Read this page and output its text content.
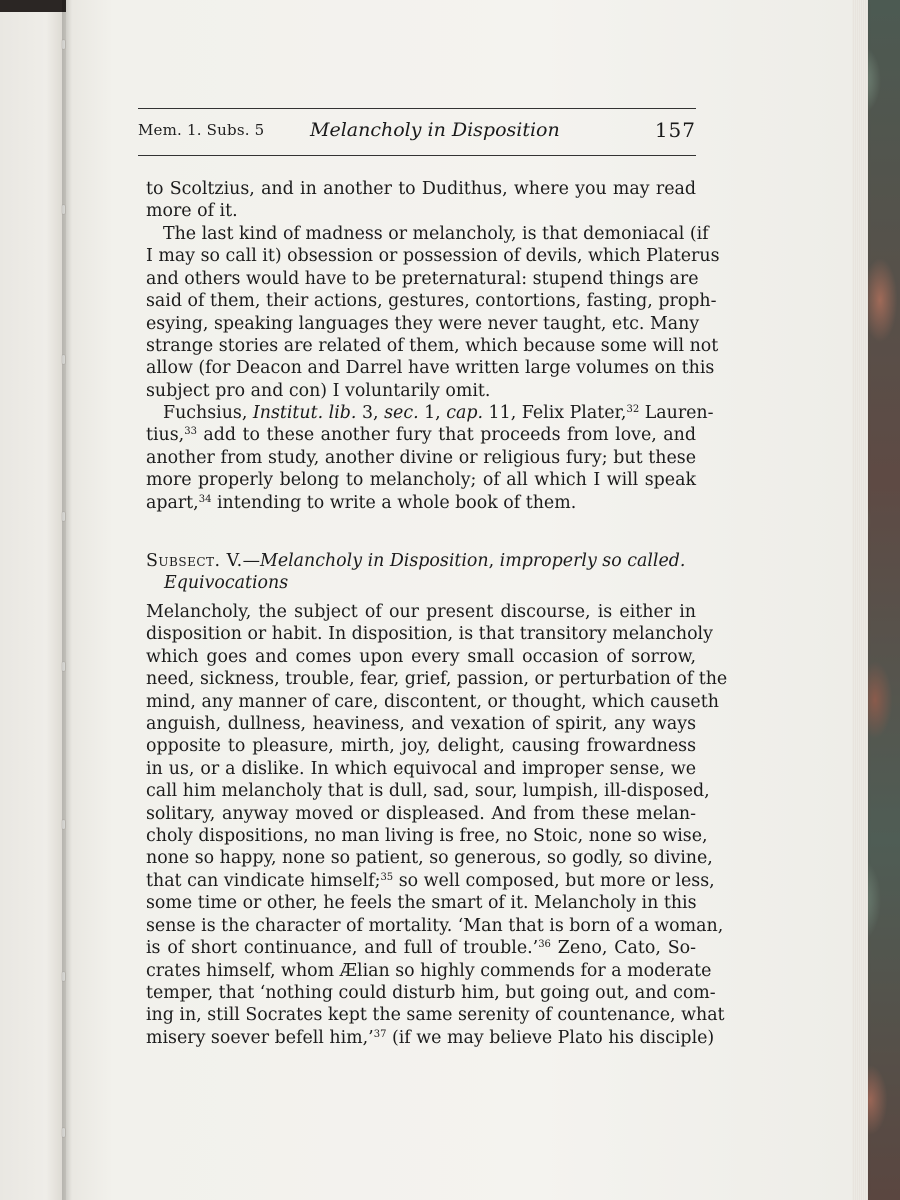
Mem. 1. Subs. 5 Melancholy in Disposition	157
to Scoltzius, and in another to Dudithus, where you may read
more of it.
The last kind of madness or melancholy, is that demoniacal (if
I may so call it) obsession or possession of devils, which Platerus
and others would have to be preternatural: stupend things are
said of them, their actions, gestures, contortions, fasting, proph-
esying, speaking languages they were never taught, etc. Many
strange stories are related of them, which because some will not
allow (for Deacon and Darrel have written large volumes on this
subject pro and con) I voluntarily omit.
Fuchsius, Institut. lib. 3, sec. 1, cap. 11, Felix Plater,$^{32}$ Lauren-
tius,$^{33}$ add to these another fury that proceeds from love, and
another from study, another divine or religious fury; but these
more properly belong to melancholy; of all which I will speak
apart,$^{34}$ intending to write a whole book of them.
Subsect. V.—Melancholy in Disposition, improperly so called.
Equivocations
Melancholy, the subject of our present discourse, is either in
disposition or habit. In disposition, is that transitory melancholy
which goes and comes upon every small occasion of sorrow,
need, sickness, trouble, fear, grief, passion, or perturbation of the
mind, any manner of care, discontent, or thought, which causeth
anguish, dullness, heaviness, and vexation of spirit, any ways
opposite to pleasure, mirth, joy, delight, causing frowardness
in us, or a dislike. In which equivocal and improper sense, we
call him melancholy that is dull, sad, sour, lumpish, ill-disposed,
solitary, anyway moved or displeased. And from these melan-
choly dispositions, no man living is free, no Stoic, none so wise,
none so happy, none so patient, so generous, so godly, so divine,
that can vindicate himself;$^{35}$ so well composed, but more or less,
some time or other, he feels the smart of it. Melancholy in this
sense is the character of mortality. ‘Man that is born of a woman,
is of short continuance, and full of trouble.’$^{36}$ Zeno, Cato, So-
crates himself, whom Ælian so highly commends for a moderate
temper, that ‘nothing could disturb him, but going out, and com-
ing in, still Socrates kept the same serenity of countenance, what
misery soever befell him,’$^{37}$ (if we may believe Plato his disciple)
